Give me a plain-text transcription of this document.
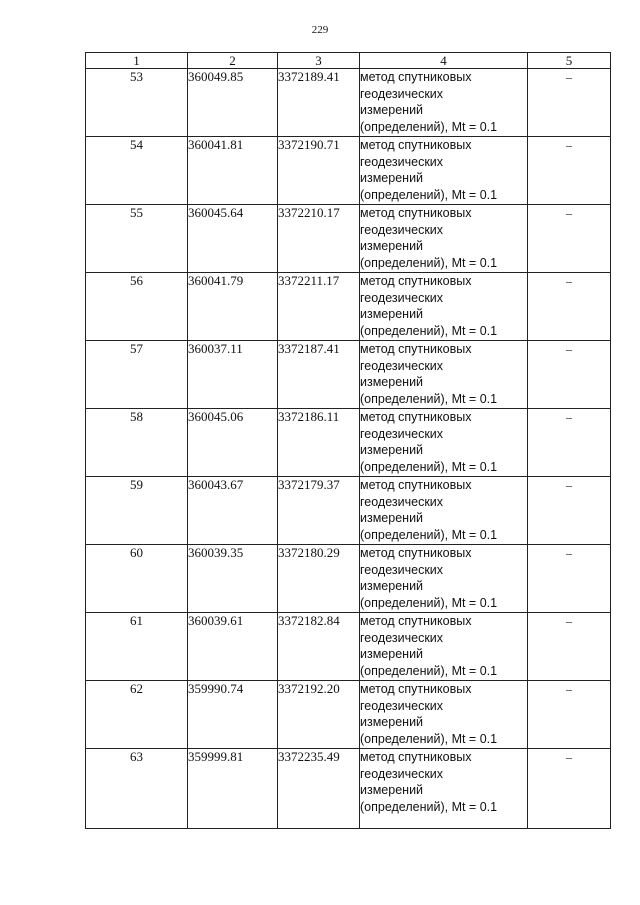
229
1	2	3	4	5
53	360049.85	3372189.41	метод спутниковых
геодезических
измерений
(определений), Mt = 0.1	–
54	360041.81	3372190.71	метод спутниковых
геодезических
измерений
(определений), Mt = 0.1	–
55	360045.64	3372210.17	метод спутниковых
геодезических
измерений
(определений), Mt = 0.1	–
56	360041.79	3372211.17	метод спутниковых
геодезических
измерений
(определений), Mt = 0.1	–
57	360037.11	3372187.41	метод спутниковых
геодезических
измерений
(определений), Mt = 0.1	–
58	360045.06	3372186.11	метод спутниковых
геодезических
измерений
(определений), Mt = 0.1	–
59	360043.67	3372179.37	метод спутниковых
геодезических
измерений
(определений), Mt = 0.1	–
60	360039.35	3372180.29	метод спутниковых
геодезических
измерений
(определений), Mt = 0.1	–
61	360039.61	3372182.84	метод спутниковых
геодезических
измерений
(определений), Mt = 0.1	–
62	359990.74	3372192.20	метод спутниковых
геодезических
измерений
(определений), Mt = 0.1	–
63	359999.81	3372235.49	метод спутниковых
геодезических
измерений
(определений), Mt = 0.1	–
